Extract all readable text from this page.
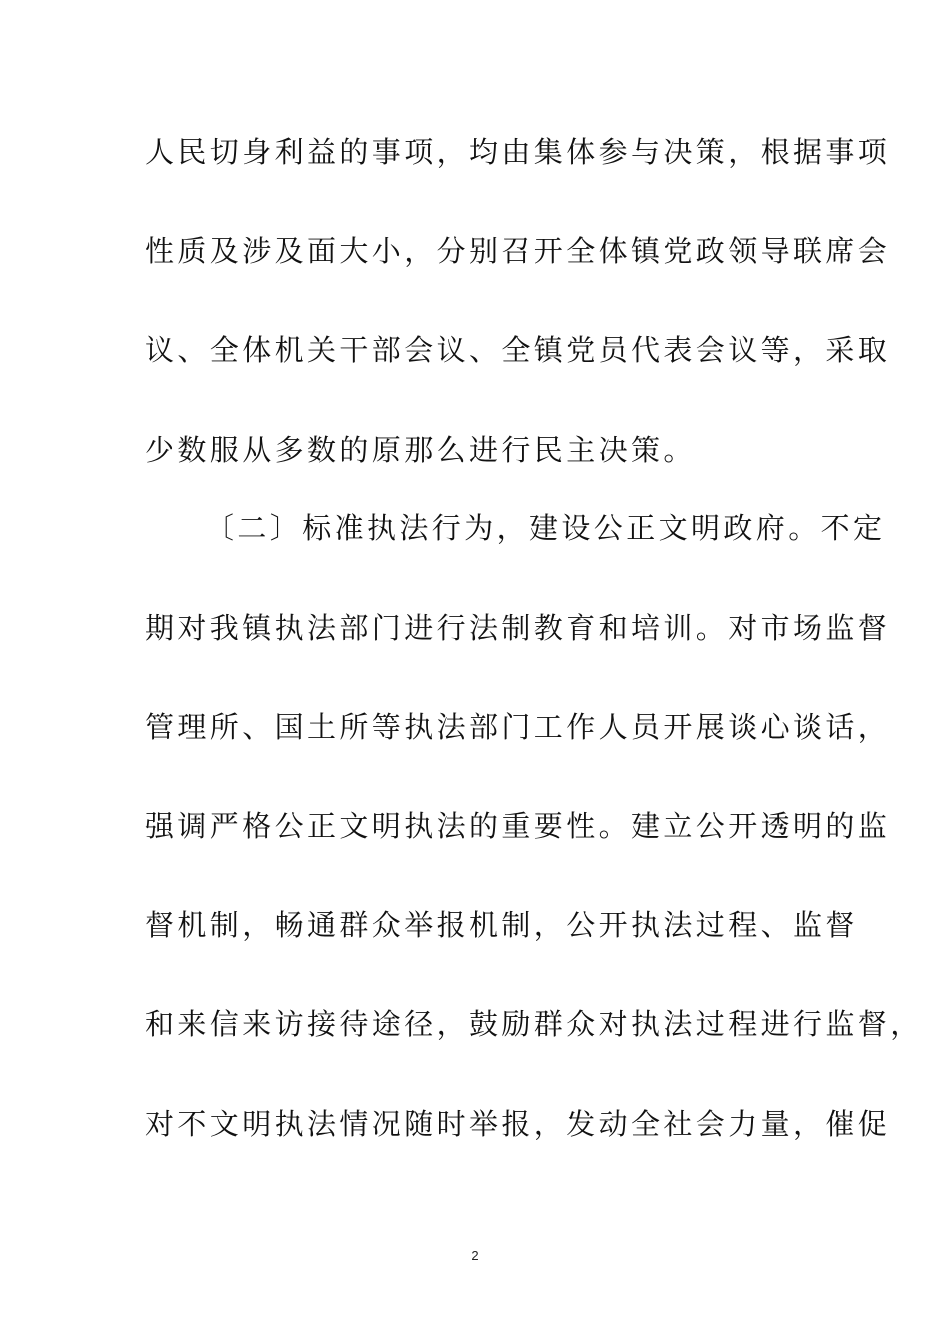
人民切身利益的事项，均由集体参与决策，根据事项
性质及涉及面大小，分别召开全体镇党政领导联席会
议、全体机关干部会议、全镇党员代表会议等，采取
少数服从多数的原那么进行民主决策。
〔二〕标准执法行为，建设公正文明政府。不定
期对我镇执法部门进行法制教育和培训。对市场监督
管理所、国土所等执法部门工作人员开展谈心谈话，
强调严格公正文明执法的重要性。建立公开透明的监
督机制，畅通群众举报机制，公开执法过程、监督
和来信来访接待途径，鼓励群众对执法过程进行监督，
对不文明执法情况随时举报，发动全社会力量，催促
2
